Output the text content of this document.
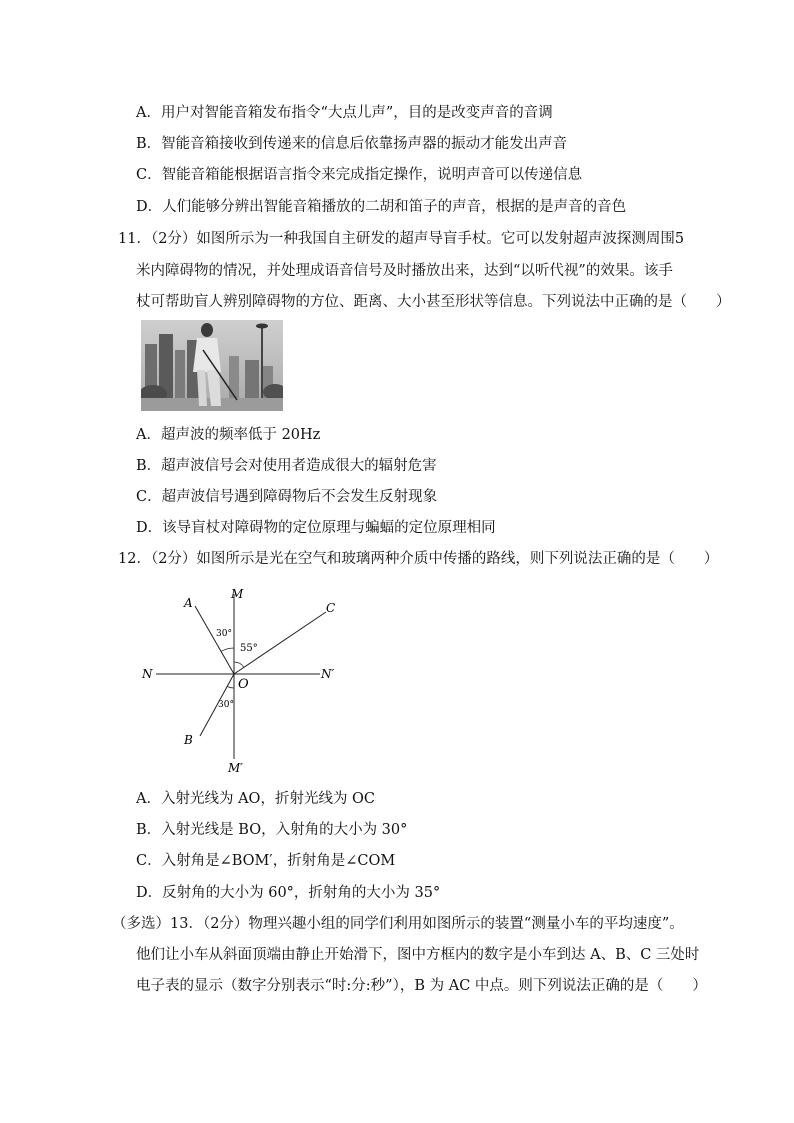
A．用户对智能音箱发布指令“大点儿声”，目的是改变声音的音调
B．智能音箱接收到传递来的信息后依靠扬声器的振动才能发出声音
C．智能音箱能根据语言指令来完成指定操作，说明声音可以传递信息
D．人们能够分辨出智能音箱播放的二胡和笛子的声音，根据的是声音的音色
11．（2分）如图所示为一种我国自主研发的超声导盲手杖。它可以发射超声波探测周围5
米内障碍物的情况，并处理成语音信号及时播放出来，达到“以听代视”的效果。该手
杖可帮助盲人辨别障碍物的方位、距离、大小甚至形状等信息。下列说法中正确的是（　　）
A．超声波的频率低于 20Hz
B．超声波信号会对使用者造成很大的辐射危害
C．超声波信号遇到障碍物后不会发生反射现象
D．该导盲杖对障碍物的定位原理与蝙蝠的定位原理相同
12．（2分）如图所示是光在空气和玻璃两种介质中传播的路线，则下列说法正确的是（　　）
M
M′
N	N′
O
A
B
C
30°
55°
30°
A．入射光线为 AO，折射光线为 OC
B．入射光线是 BO，入射角的大小为 30°
C．入射角是∠BOM′，折射角是∠COM
D．反射角的大小为 60°，折射角的大小为 35°
（多选）13．（2分）物理兴趣小组的同学们利用如图所示的装置“测量小车的平均速度”。
他们让小车从斜面顶端由静止开始滑下，图中方框内的数字是小车到达 A、B、C 三处时
电子表的显示（数字分别表示“时:分:秒”），B 为 AC 中点。则下列说法正确的是（　　）
